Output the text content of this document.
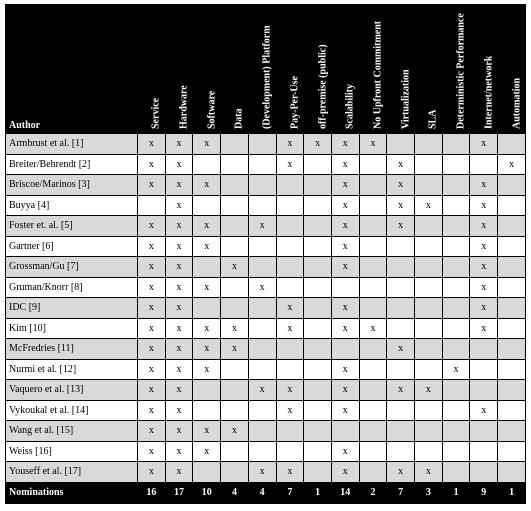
Author	Service	Hardware	Software	Data	(Development) Platform	Pay-Per-Use	off-premise (public)	Scalability	No Upfront Commitment	Virtualization	SLA	Deterministic Performance	Internet/network	Automation

Armbrust et al. [1]	x	x	x			x	x	x	x				x	
Breiter/Behrendt [2]	x	x				x		x		x				x
Briscoe/Marinos [3]	x	x	x					x		x			x	
Buyya [4]		x						x		x	x		x	
Foster et. al. [5]	x	x	x		x			x		x			x	
Gartner [6]	x	x	x					x					x	
Grossman/Gu [7]	x	x		x				x					x	
Gruman/Knorr [8]	x	x	x		x								x	
IDC [9]	x	x				x		x					x	
Kim [10]	x	x	x	x		x		x	x				x	
McFredries [11]	x	x	x	x						x				
Nurmi et al. [12]	x	x	x					x				x		
Vaquero et al. [13]	x	x			x	x		x		x	x			
Vykoukal et al. [14]	x	x				x		x					x	
Wang et al. [15]	x	x	x	x										
Weiss [16]	x	x	x					x						
Youseff et al. [17]	x	x			x	x		x		x	x			
Nominations	16	17	10	4	4	7	1	14	2	7	3	1	9	1
